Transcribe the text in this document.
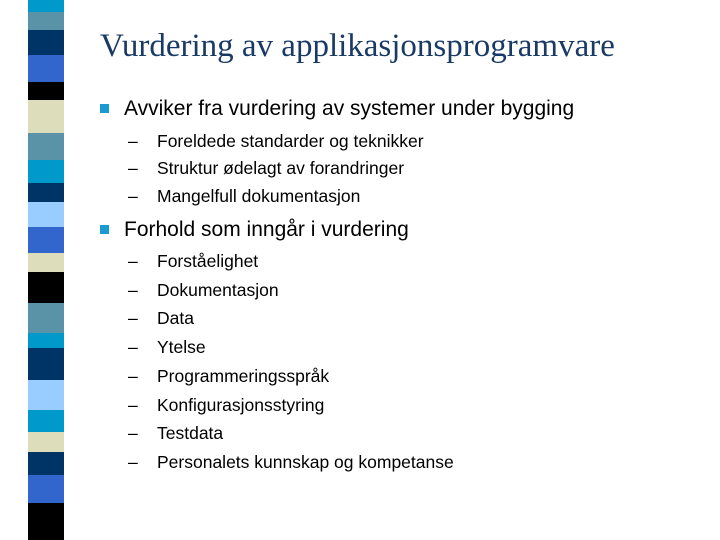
Vurdering av applikasjonsprogramvare
Avviker fra vurdering av systemer under bygging
– Foreldede standarder og teknikker
– Struktur ødelagt av forandringer
– Mangelfull dokumentasjon
Forhold som inngår i vurdering
– Forståelighet
– Dokumentasjon
– Data
– Ytelse
– Programmeringsspråk
– Konfigurasjonsstyring
– Testdata
– Personalets kunnskap og kompetanse
